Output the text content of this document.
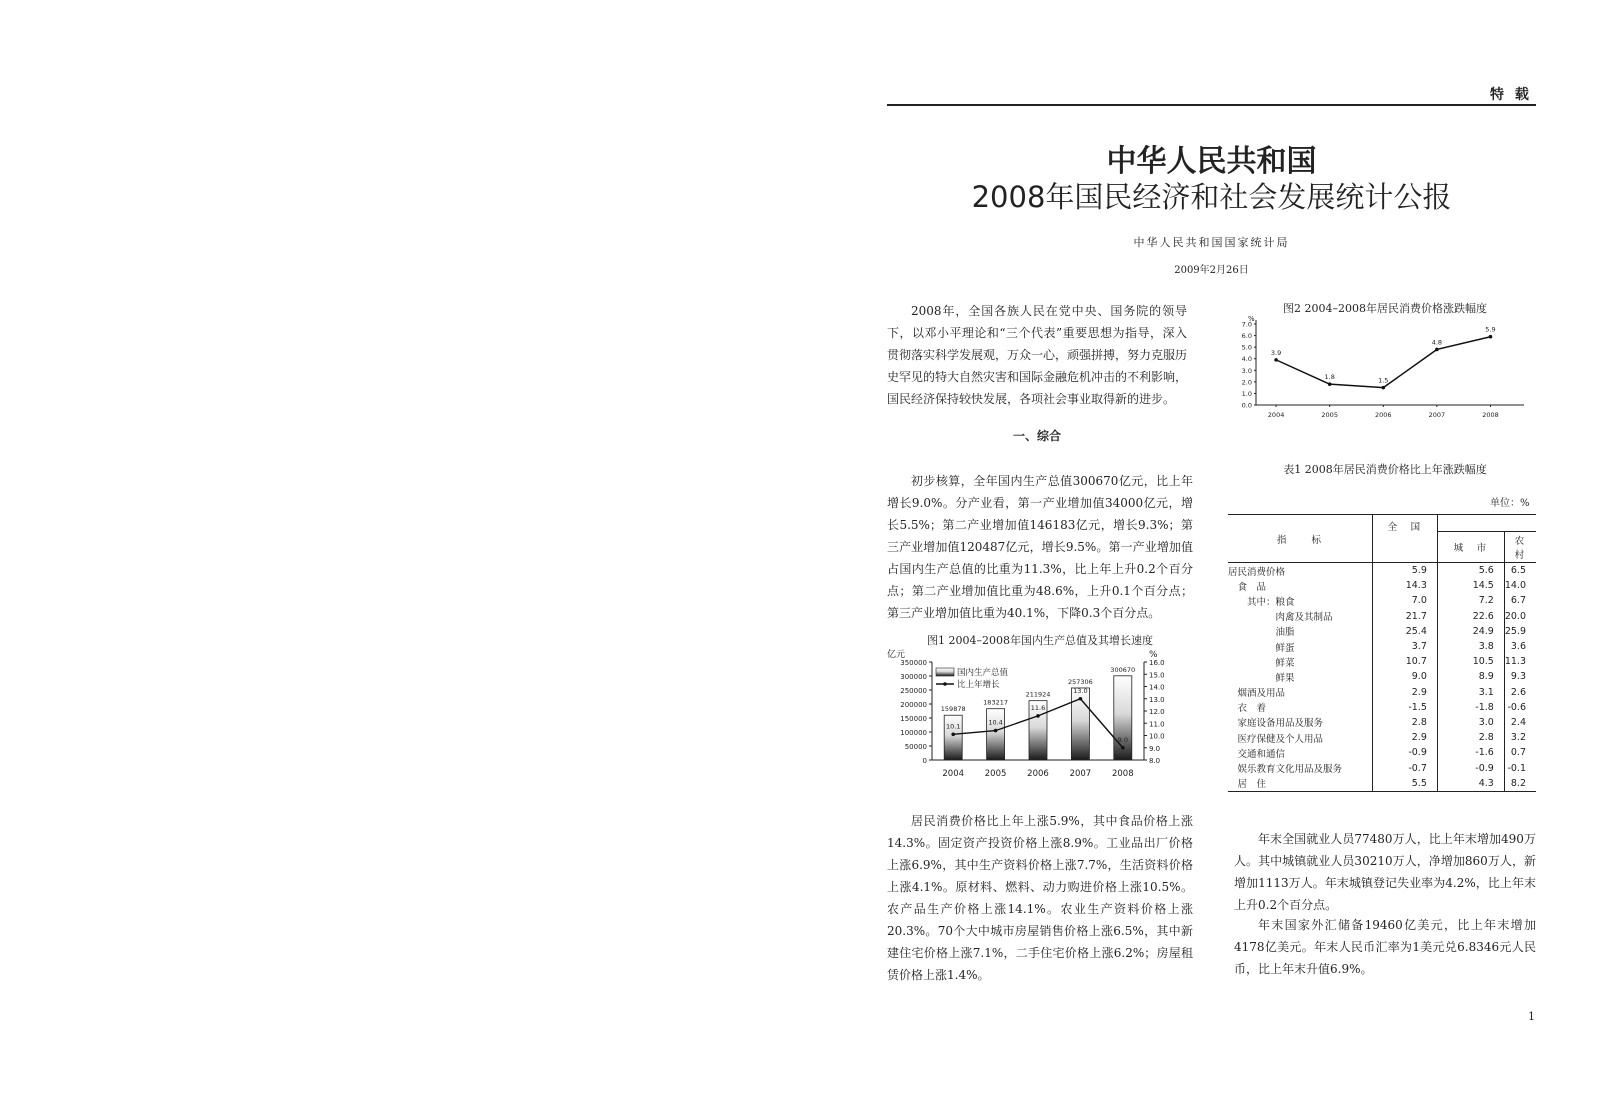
特 载
中华人民共和国
2008年国民经济和社会发展统计公报
中华人民共和国国家统计局
2009年2月26日
2008年，全国各族人民在党中央、国务院的领导下，以邓小平理论和“三个代表”重要思想为指导，深入贯彻落实科学发展观，万众一心，顽强拼搏，努力克服历史罕见的特大自然灾害和国际金融危机冲击的不利影响，国民经济保持较快发展，各项社会事业取得新的进步。
一、综合
初步核算，全年国内生产总值300670亿元，比上年增长9.0%。分产业看，第一产业增加值34000亿元，增长5.5%；第二产业增加值146183亿元，增长9.3%；第三产业增加值120487亿元，增长9.5%。第一产业增加值占国内生产总值的比重为11.3%，比上年上升0.2个百分点；第二产业增加值比重为48.6%，上升0.1个百分点；第三产业增加值比重为40.1%，下降0.3个百分点。
图1 2004–2008年国内生产总值及其增长速度
亿元	%
350000
300000
250000
200000
150000
100000
50000
0
16.0
15.0
14.0
13.0
12.0
11.0
10.0
9.0
8.0
159878
2004
183217
2005
211924
2006
257306
2007
300670
2008
10.1	10.4
11.6
13.0
9.0
国内生产总值
比上年增长
居民消费价格比上年上涨5.9%，其中食品价格上涨14.3%。固定资产投资价格上涨8.9%。工业品出厂价格上涨6.9%，其中生产资料价格上涨7.7%，生活资料价格上涨4.1%。原材料、燃料、动力购进价格上涨10.5%。农产品生产价格上涨14.1%。农业生产资料价格上涨20.3%。70个大中城市房屋销售价格上涨6.5%，其中新建住宅价格上涨7.1%，二手住宅价格上涨6.2%；房屋租赁价格上涨1.4%。
图2 2004–2008年居民消费价格涨跌幅度
%
7.0
6.0
5.0
4.0
3.0
2.0
1.0
0.0
2004	2005	2006	2007	2008
3.9
1.8	1.5
4.8
5.9
表1 2008年居民消费价格比上年涨跌幅度
单位：%
指　　标	全　国		
		城　市	农　村
居民消费价格	5.9	5.6	6.5
　食　品	14.3	14.5	14.0
　　其中：粮食	7.0	7.2	6.7
　　　　　肉禽及其制品	21.7	22.6	20.0
　　　　　油脂	25.4	24.9	25.9
　　　　　鲜蛋	3.7	3.8	3.6
　　　　　鲜菜	10.7	10.5	11.3
　　　　　鲜果	9.0	8.9	9.3
　烟酒及用品	2.9	3.1	2.6
　衣　着	-1.5	-1.8	-0.6
　家庭设备用品及服务	2.8	3.0	2.4
　医疗保健及个人用品	2.9	2.8	3.2
　交通和通信	-0.9	-1.6	0.7
　娱乐教育文化用品及服务	-0.7	-0.9	-0.1
　居　住	5.5	4.3	8.2
年末全国就业人员77480万人，比上年末增加490万人。其中城镇就业人员30210万人，净增加860万人，新增加1113万人。年末城镇登记失业率为4.2%，比上年末上升0.2个百分点。
年末国家外汇储备19460亿美元，比上年末增加4178亿美元。年末人民币汇率为1美元兑6.8346元人民币，比上年末升值6.9%。
1
